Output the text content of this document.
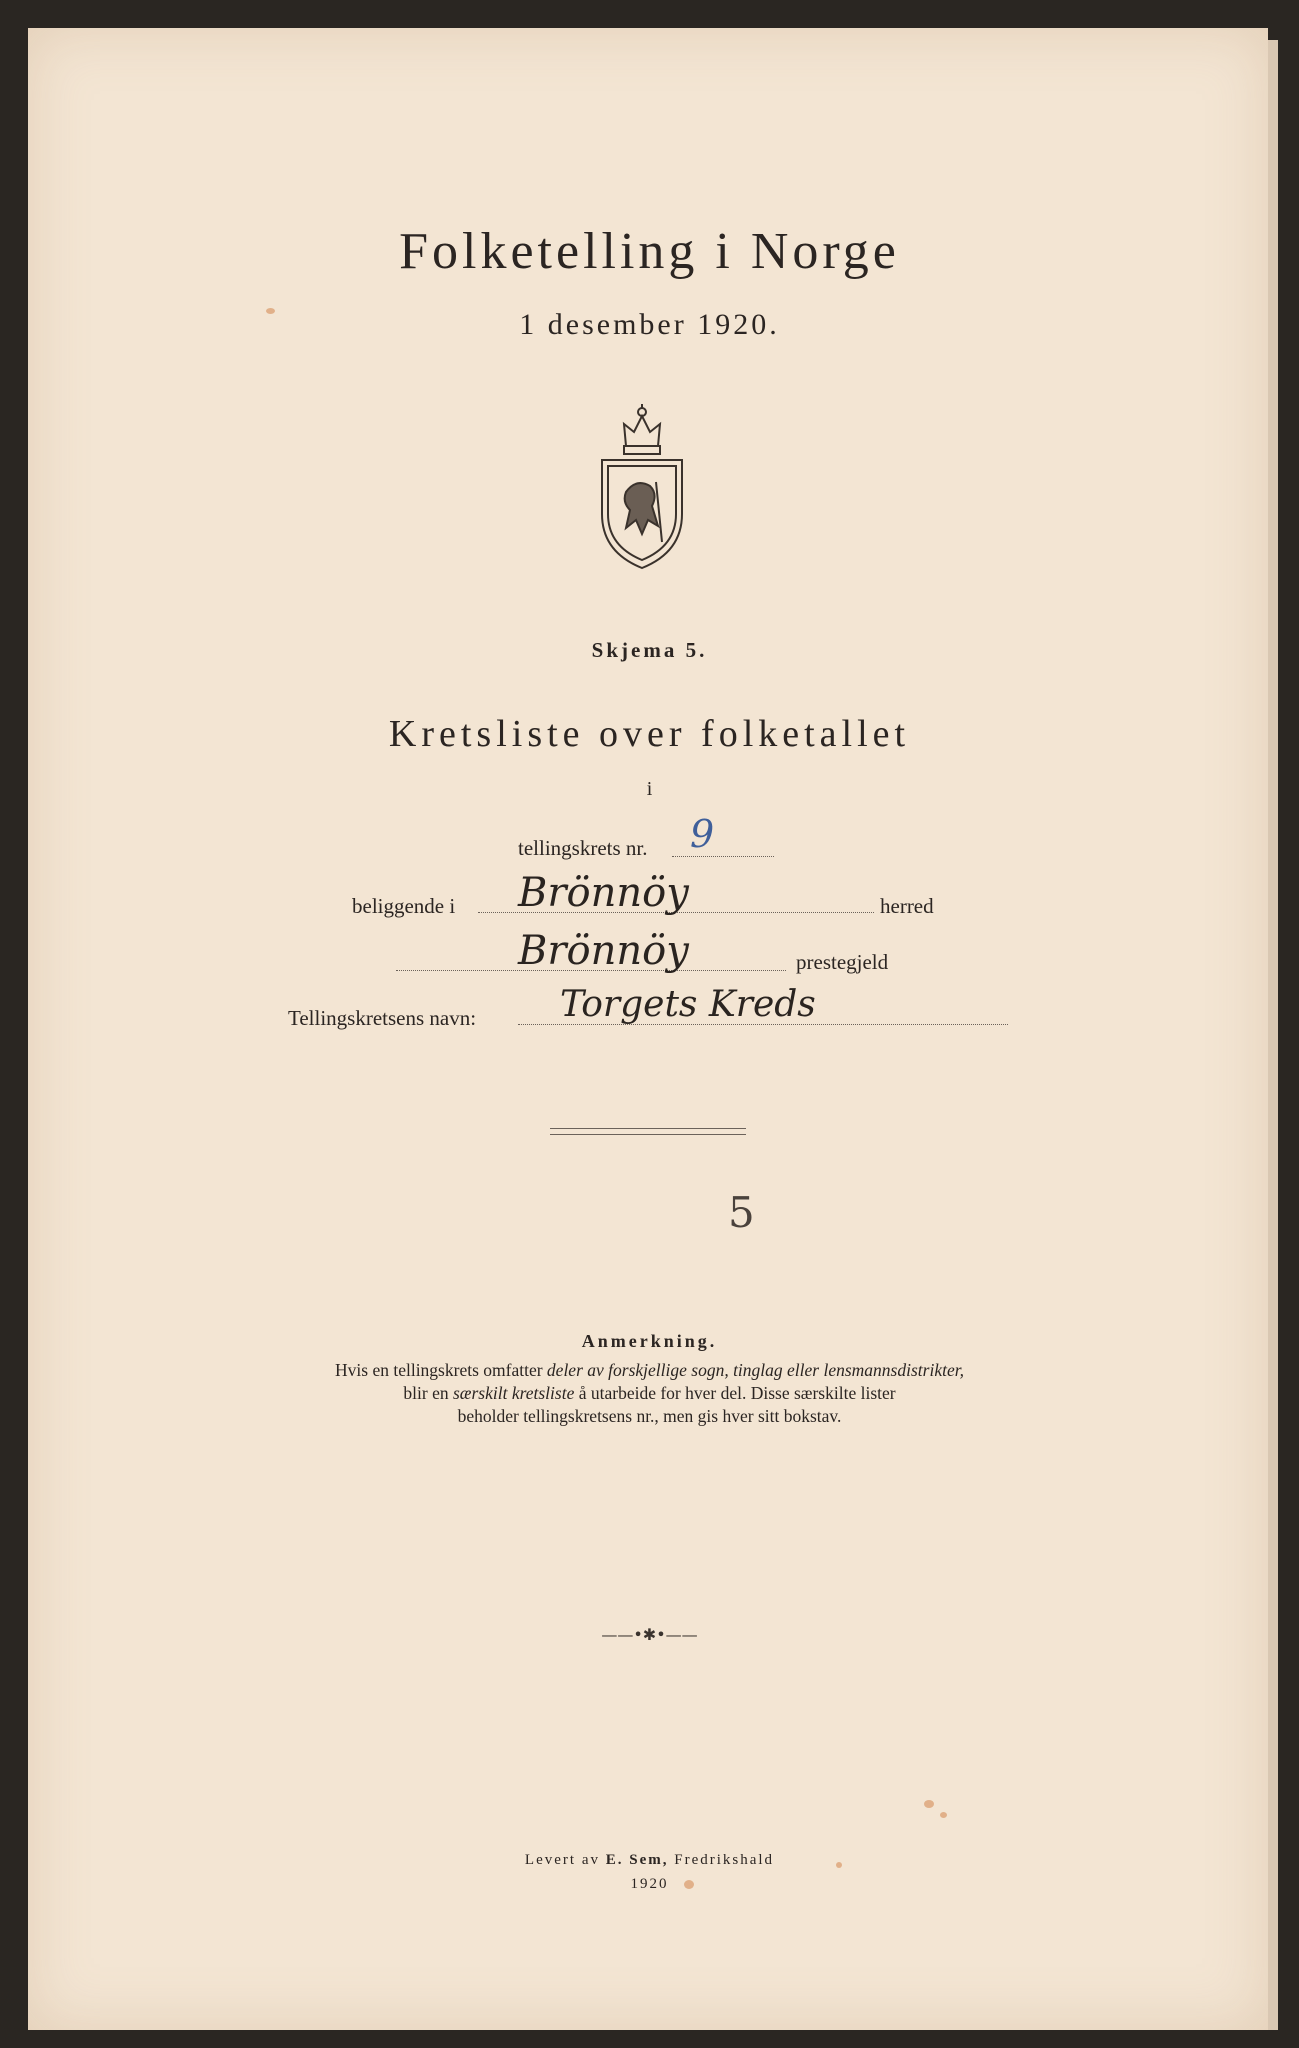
Folketelling i Norge
1 desember 1920.
Skjema 5.
Kretsliste over folketallet
i
tellingskrets nr. 9
beliggende i Brönnöy	herred
Brönnöy	prestegjeld
Tellingskretsens navn: Torgets Kreds
5
Anmerkning.
Hvis en tellingskrets omfatter deler av forskjellige sogn, tinglag eller lensmannsdistrikter,
blir en særskilt kretsliste å utarbeide for hver del. Disse særskilte lister
beholder tellingskretsens nr., men gis hver sitt bokstav.
——•✱•——
Levert av E. Sem, Fredrikshald
1920
